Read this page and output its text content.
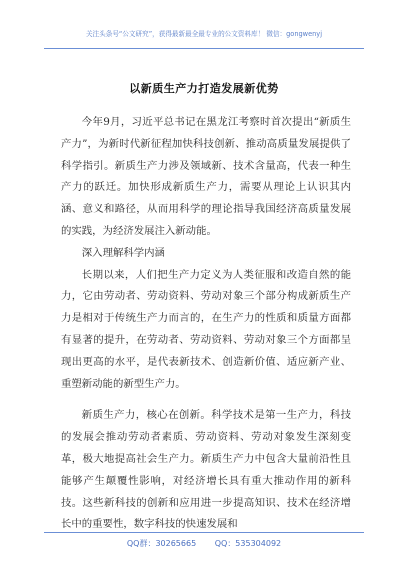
关注头条号“公文研究”，获得最新最全最专业的公文资料库！ 微信：gongwenyj
以新质生产力打造发展新优势
今年9月，习近平总书记在黑龙江考察时首次提出“新质生产力”，为新时代新征程加快科技创新、推动高质量发展提供了科学指引。新质生产力涉及领域新、技术含量高，代表一种生产力的跃迁。加快形成新质生产力，需要从理论上认识其内涵、意义和路径，从而用科学的理论指导我国经济高质量发展的实践，为经济发展注入新动能。
深入理解科学内涵
长期以来，人们把生产力定义为人类征服和改造自然的能力，它由劳动者、劳动资料、劳动对象三个部分构成新质生产力是相对于传统生产力而言的，在生产力的性质和质量方面都有显著的提升，在劳动者、劳动资料、劳动对象三个方面都呈现出更高的水平，是代表新技术、创造新价值、适应新产业、重塑新动能的新型生产力。
新质生产力，核心在创新。科学技术是第一生产力，科技的发展会推动劳动者素质、劳动资料、劳动对象发生深刻变革，极大地提高社会生产力。新质生产力中包含大量前沿性且能够产生颠覆性影响，对经济增长具有重大推动作用的新科技。这些新科技的创新和应用进一步提高知识、技术在经济增长中的重要性，数字科技的快速发展和
QQ群：30265665 QQ：535304092
